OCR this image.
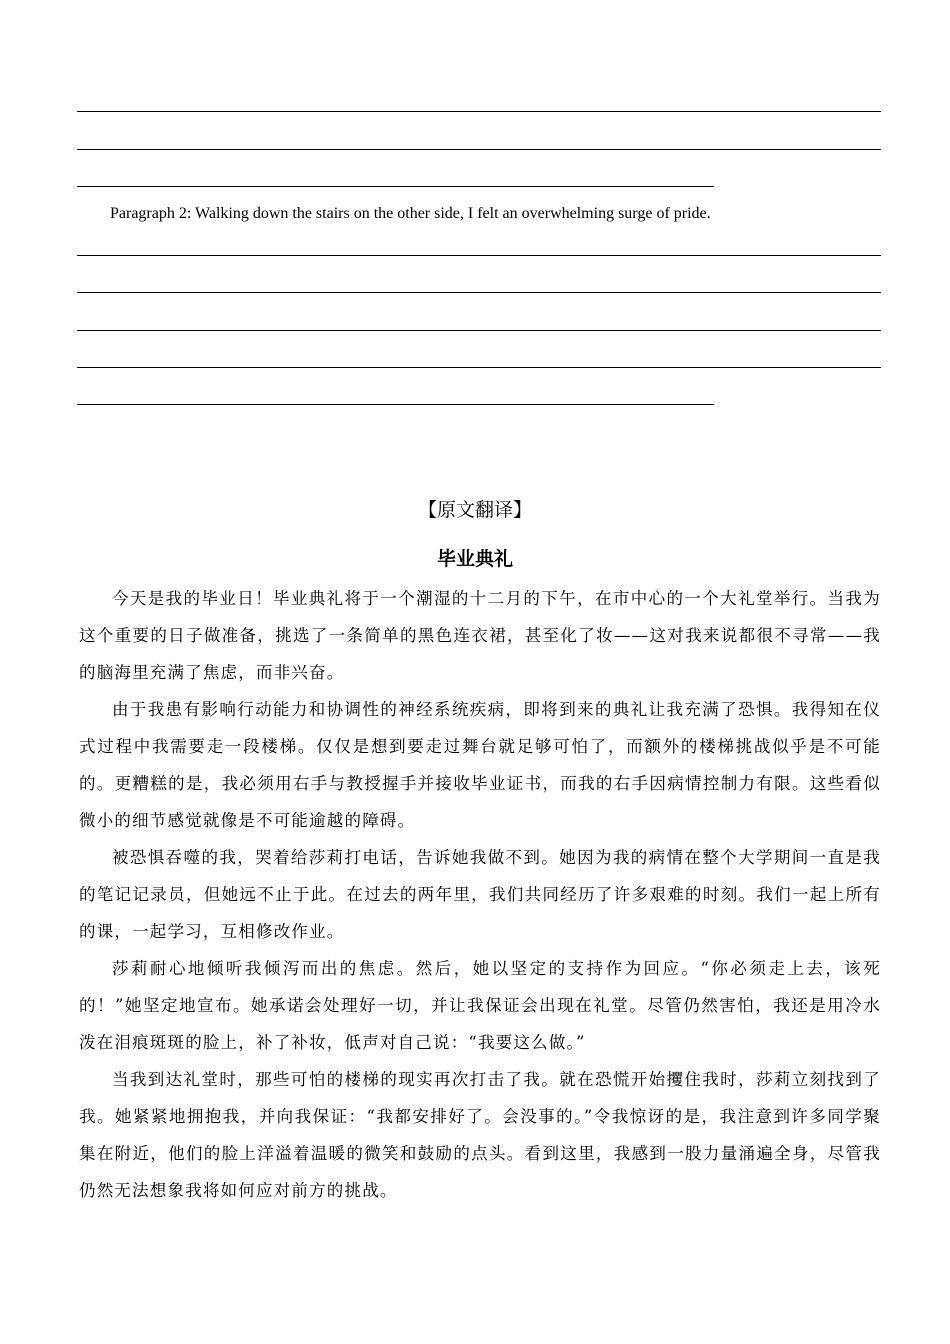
Paragraph 2: Walking down the stairs on the other side, I felt an overwhelming surge of pride.
【原文翻译】
毕业典礼

今天是我的毕业日！毕业典礼将于一个潮湿的十二月的下午，在市中心的一个大礼堂举行。当我为这个重要的日子做准备，挑选了一条简单的黑色连衣裙，甚至化了妆——这对我来说都很不寻常——我的脑海里充满了焦虑，而非兴奋。

由于我患有影响行动能力和协调性的神经系统疾病，即将到来的典礼让我充满了恐惧。我得知在仪式过程中我需要走一段楼梯。仅仅是想到要走过舞台就足够可怕了，而额外的楼梯挑战似乎是不可能的。更糟糕的是，我必须用右手与教授握手并接收毕业证书，而我的右手因病情控制力有限。这些看似微小的细节感觉就像是不可能逾越的障碍。

被恐惧吞噬的我，哭着给莎莉打电话，告诉她我做不到。她因为我的病情在整个大学期间一直是我的笔记记录员，但她远不止于此。在过去的两年里，我们共同经历了许多艰难的时刻。我们一起上所有的课，一起学习，互相修改作业。

莎莉耐心地倾听我倾泻而出的焦虑。然后，她以坚定的支持作为回应。“你必须走上去，该死的！”她坚定地宣布。她承诺会处理好一切，并让我保证会出现在礼堂。尽管仍然害怕，我还是用冷水泼在泪痕斑斑的脸上，补了补妆，低声对自己说：“我要这么做。”

当我到达礼堂时，那些可怕的楼梯的现实再次打击了我。就在恐慌开始攫住我时，莎莉立刻找到了我。她紧紧地拥抱我，并向我保证：“我都安排好了。会没事的。”令我惊讶的是，我注意到许多同学聚集在附近，他们的脸上洋溢着温暖的微笑和鼓励的点头。看到这里，我感到一股力量涌遍全身，尽管我仍然无法想象我将如何应对前方的挑战。
